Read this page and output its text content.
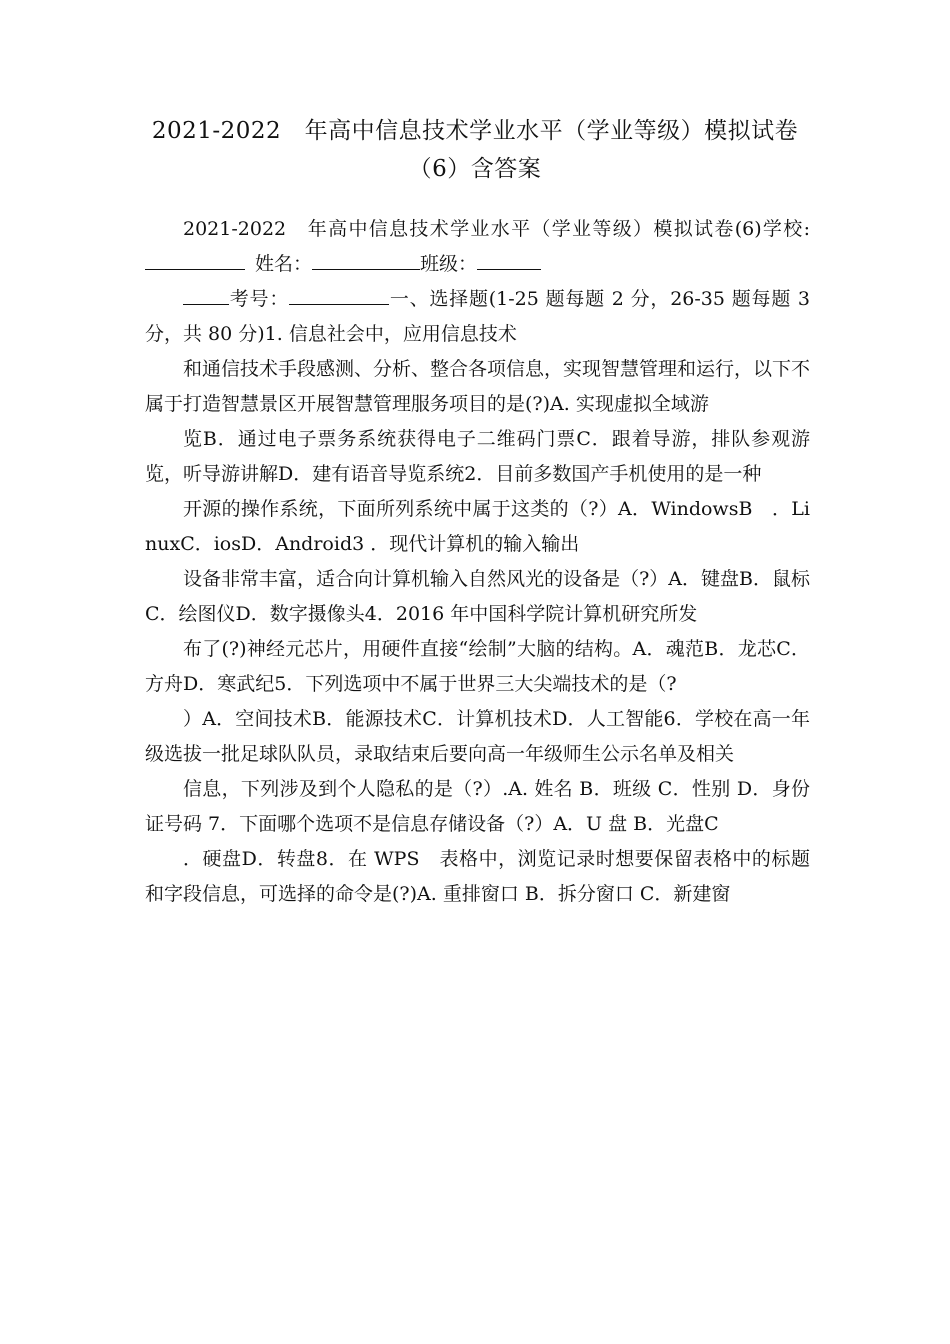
2021-2022　年高中信息技术学业水平（学业等级）模拟试卷
（6）含答案

2021-2022　年高中信息技术学业水平（学业等级）模拟试卷(6)学校:姓名：	班级：

考号：	一、选择题(1-25 题每题 2 分，26-35 题每题 3 分，共 80 分)1. 信息社会中，应用信息技术

和通信技术手段感测、分析、整合各项信息，实现智慧管理和运行，以下不属于打造智慧景区开展智慧管理服务项目的是(?)A. 实现虚拟全域游

览B．通过电子票务系统获得电子二维码门票C．跟着导游，排队参观游览，听导游讲解D．建有语音导览系统2．目前多数国产手机使用的是一种

开源的操作系统，下面所列系统中属于这类的（?）A．WindowsB　．LinuxC．iosD．Android3 ．现代计算机的输入输出

设备非常丰富，适合向计算机输入自然风光的设备是（?）A．键盘B．鼠标C．绘图仪D．数字摄像头4．2016 年中国科学院计算机研究所发

布了(?)神经元芯片，用硬件直接“绘制”大脑的结构。A．魂范B．龙芯C．方舟D．寒武纪5．下列选项中不属于世界三大尖端技术的是（?

）A．空间技术B．能源技术C．计算机技术D．人工智能6．学校在高一年级选拔一批足球队队员，录取结束后要向高一年级师生公示名单及相关

信息，下列涉及到个人隐私的是（?）.A. 姓名 B．班级 C．性别 D．身份证号码 7．下面哪个选项不是信息存储设备（?）A．U 盘 B．光盘C

．硬盘D．转盘8．在 WPS　表格中，浏览记录时想要保留表格中的标题和字段信息，可选择的命令是(?)A. 重排窗口 B．拆分窗口 C．新建窗
